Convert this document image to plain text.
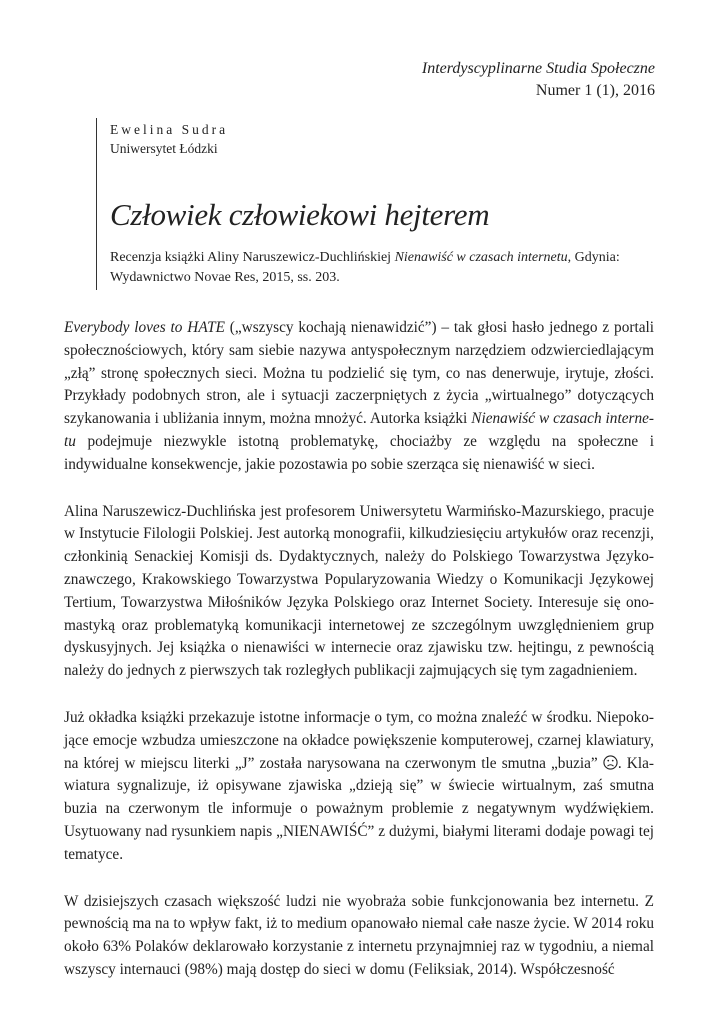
Interdyscyplinarne Studia Społeczne
Numer 1 (1), 2016
Ewelina Sudra
Uniwersytet Łódzki
Człowiek człowiekowi hejterem
Recenzja książki Aliny Naruszewicz-Duchlińskiej Nienawiść w czasach internetu, Gdynia: Wydawnictwo Novae Res, 2015, ss. 203.

Everybody loves to HATE („wszyscy kochają nienawidzić”) – tak głosi hasło jednego z portali społecznościowych, który sam siebie nazywa antyspołecznym narzędziem odzwierciedlającym „złą” stronę społecznych sieci. Można tu podzielić się tym, co nas denerwuje, irytuje, złości. Przykłady podobnych stron, ale i sytuacji zaczerpniętych z życia „wirtualnego” dotyczących szykanowania i ubliżania innym, można mnożyć. Autorka książki Nienawiść w czasach internetu podejmuje niezwykle istotną problematykę, chociażby ze względu na społeczne i indywidualne konsekwencje, jakie pozostawia po sobie szerząca się nienawiść w sieci.

Alina Naruszewicz-Duchlińska jest profesorem Uniwersytetu Warmińsko-Mazurskiego, pracuje w Instytucie Filologii Polskiej. Jest autorką monografii, kilkudziesięciu artykułów oraz recenzji, członkinią Senackiej Komisji ds. Dydaktycznych, należy do Polskiego Towarzystwa Językoznawczego, Krakowskiego Towarzystwa Popularyzowania Wiedzy o Komunikacji Językowej Tertium, Towarzystwa Miłośników Języka Polskiego oraz Internet Society. Interesuje się onomastyką oraz problematyką komunikacji internetowej ze szczególnym uwzględnieniem grup dyskusyjnych. Jej książka o nienawiści w internecie oraz zjawisku tzw. hejtingu, z pewnością należy do jednych z pierwszych tak rozległych publikacji zajmujących się tym zagadnieniem.

Już okładka książki przekazuje istotne informacje o tym, co można znaleźć w środku. Niepokojące emocje wzbudza umieszczone na okładce powiększenie komputerowej, czarnej klawiatury, na której w miejscu literki „J” została narysowana na czerwonym tle smutna „buzia” . Klawiatura sygnalizuje, iż opisywane zjawiska „dzieją się” w świecie wirtualnym, zaś smutna buzia na czerwonym tle informuje o poważnym problemie z negatywnym wydźwiękiem. Usytuowany nad rysunkiem napis „NIENAWIŚĆ” z dużymi, białymi literami dodaje powagi tej tematyce.

W dzisiejszych czasach większość ludzi nie wyobraża sobie funkcjonowania bez internetu. Z pewnością ma na to wpływ fakt, iż to medium opanowało niemal całe nasze życie. W 2014 roku około 63% Polaków deklarowało korzystanie z internetu przynajmniej raz w tygodniu, a niemal wszyscy internauci (98%) mają dostęp do sieci w domu (Feliksiak, 2014). Współczesność
